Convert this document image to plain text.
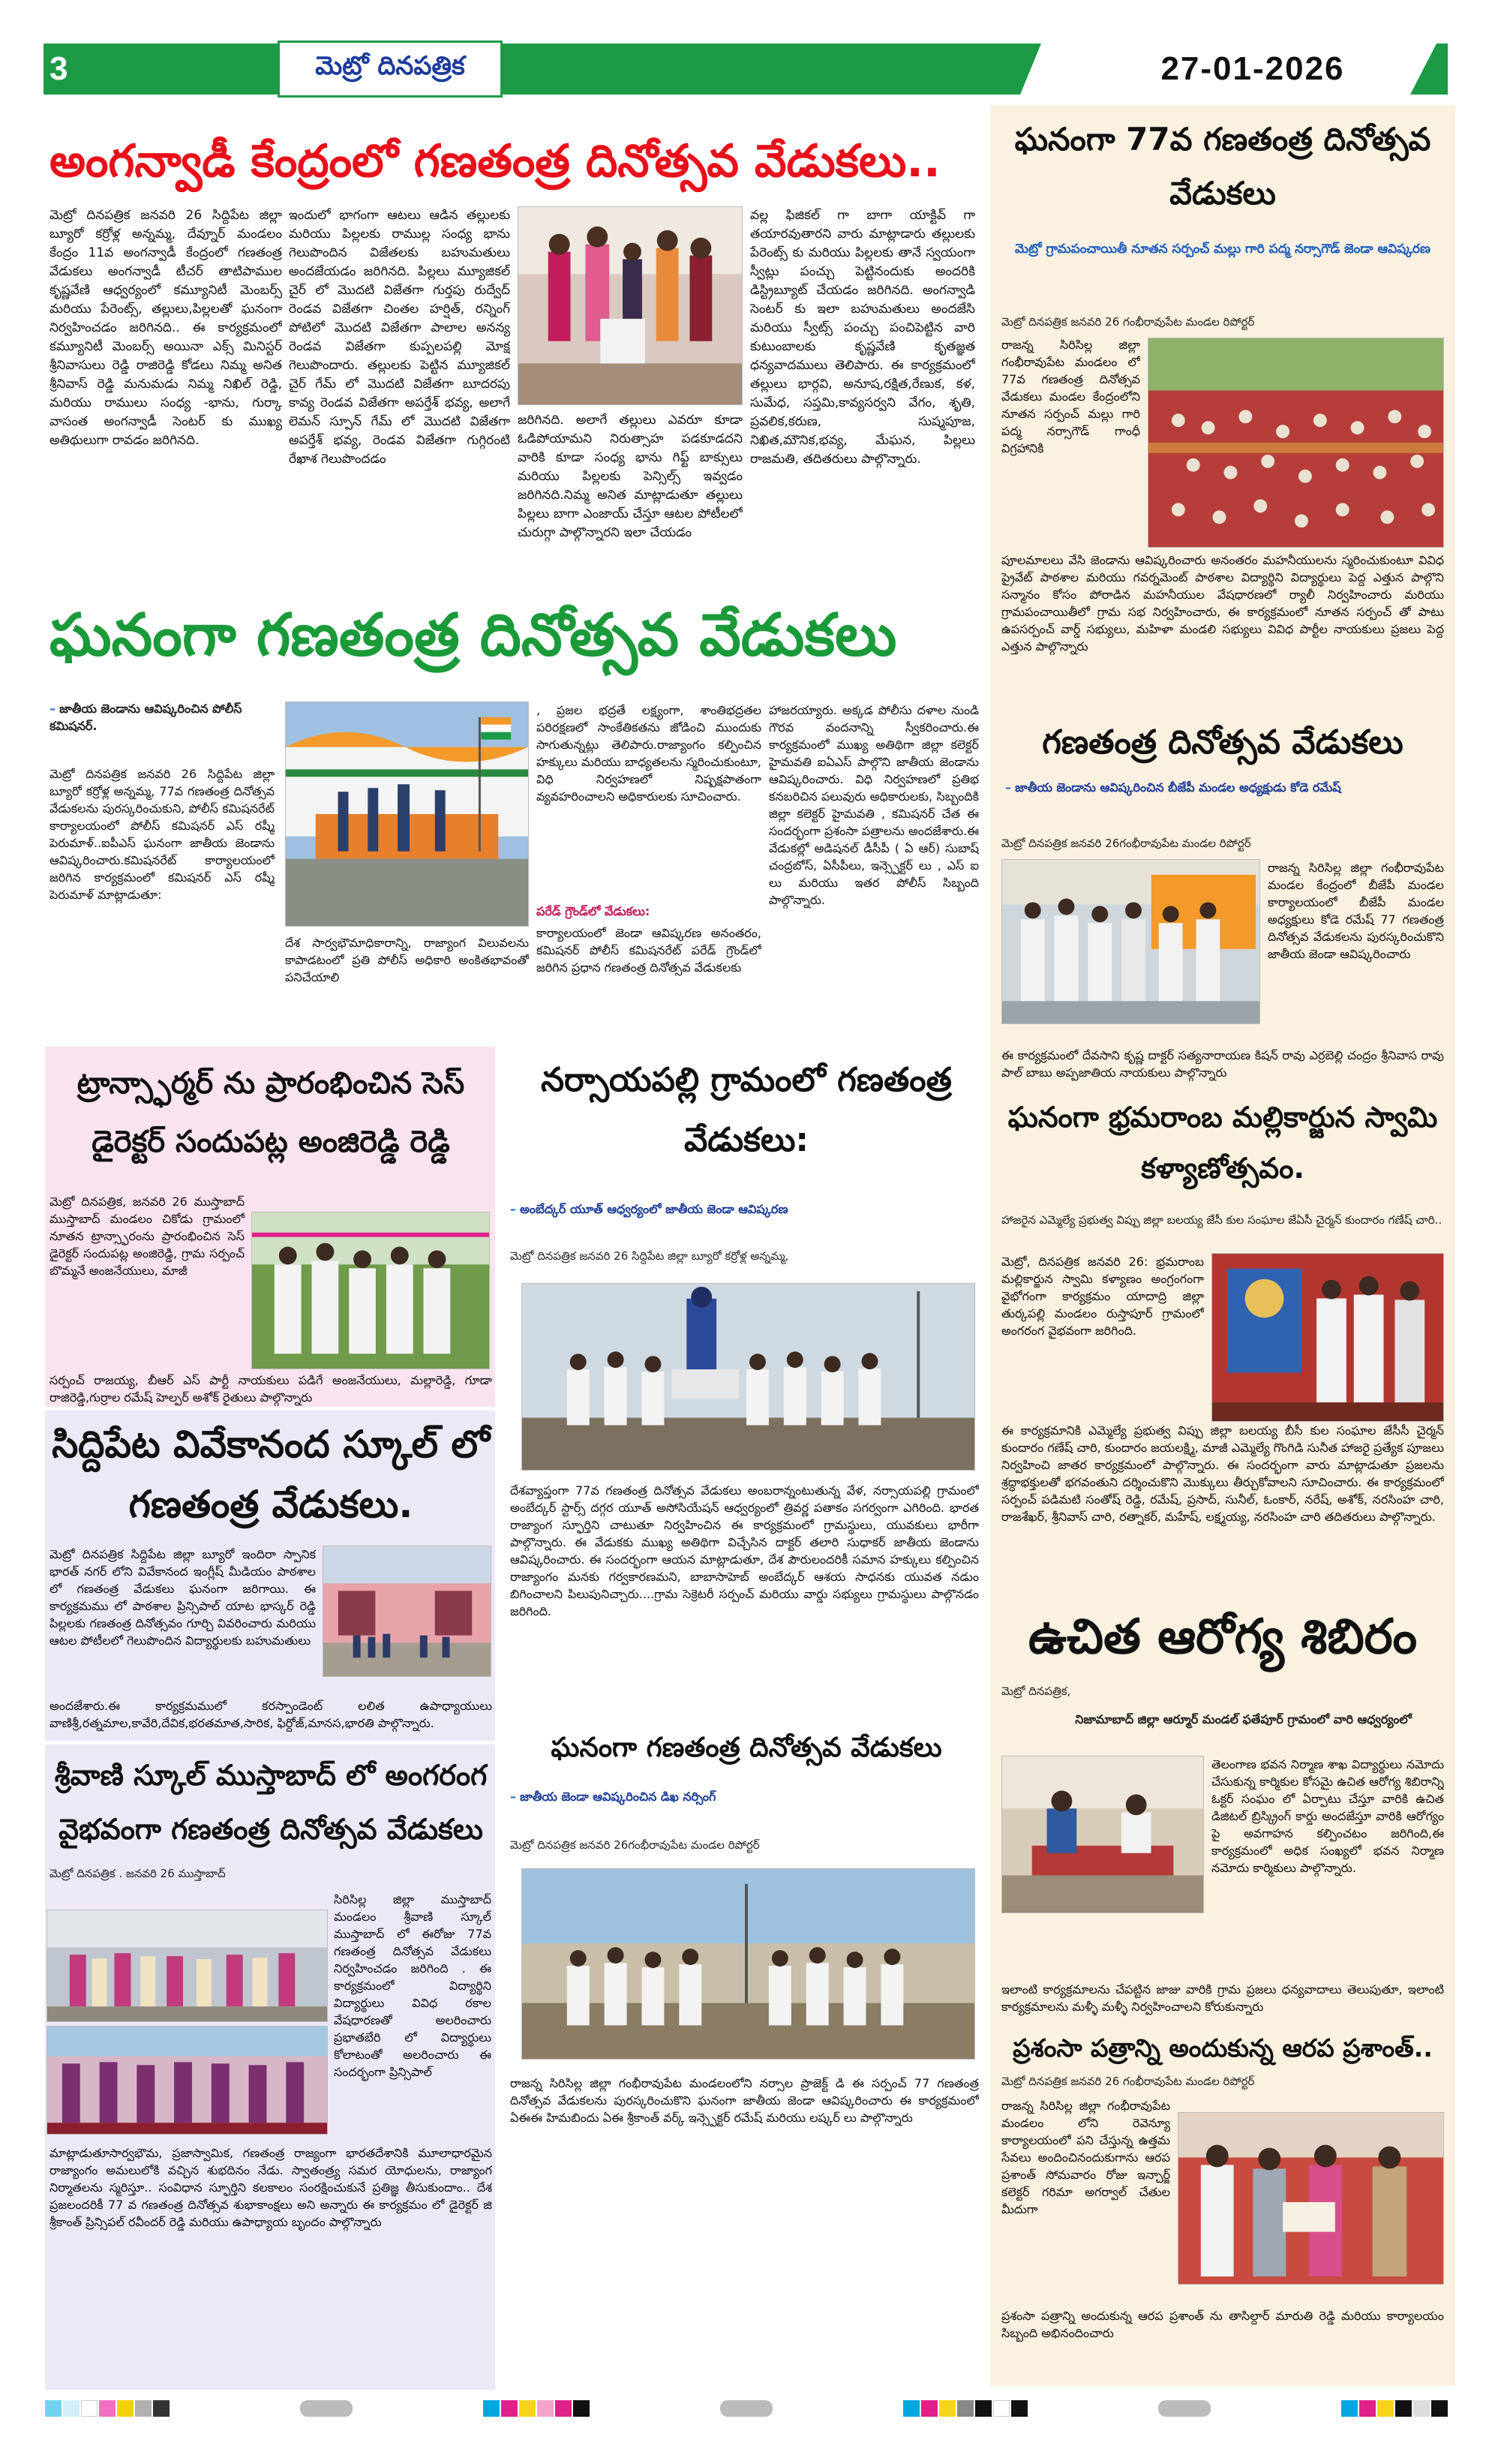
3	మెట్రో దినపత్రిక	27-01-2026
అంగన్వాడీ కేంద్రంలో గణతంత్ర దినోత్సవ వేడుకలు..
మెట్రో దినపత్రిక జనవరి 26 సిద్దిపేట జిల్లా బ్యూరో కర్రోళ్ల అన్నమ్మ, దేవ్నూర్ మండలం కేంద్రం 11వ అంగన్వాడీ కేంద్రంలో గణతంత్ర వేడుకలు అంగన్వాడీ టీచర్ తాటిపాముల కృష్ణవేణి ఆధ్వర్యంలో కమ్యూనిటీ మెంబర్స్ మరియు పేరెంట్స్, తల్లులు,పిల్లలతో ఘనంగా నిర్వహించడం జరిగినది.. ఈ కార్యక్రమంలో కమ్యూనిటీ మెంబర్స్ అయినా ఎక్స్ మినిస్టర్ శ్రీనివాసులు రెడ్డి రాజిరెడ్డి కోడలు నిమ్మ అనిత శ్రీనివాస్ రెడ్డి మనుమడు నిమ్మ నిఖిల్ రెడ్డి, మరియు రాములు సంధ్య -భాను, గుర్కా వాసంత అంగన్వాడీ సెంటర్ కు ముఖ్య అతిథులుగా రావడం జరిగినది.
ఇందులో భాగంగా ఆటలు ఆడిన తల్లులకు మరియు పిల్లలకు రాముల్ల సంధ్య భాను గెలుపొందిన విజేతలకు బహుమతులు అందజేయడం జరిగినది. పిల్లలు మ్యూజికల్ చైర్ లో మొదటి విజేతగా గుర్తపు రుద్వేద్ రెండవ విజేతగా చింతల హర్షిత్, రన్నింగ్ పోటిలో మొదటి విజేతగా పాలాల అనన్య రెండవ విజేతగా కుప్పలపల్లి మోక్ష గెలుపొందారు. తల్లులకు పెట్టిన మ్యూజికల్ చైర్ గేమ్ లో మొదటి విజేతగా బూదరపు కావ్య రెండవ విజేతగా అపర్తేశ్ భవ్య, అలాగే లెమన్ స్పూన్ గేమ్ లో మొదటి విజేతగా అపర్తేశ్ భవ్య, రెండవ విజేతగా గుగ్గిరంటి రేఖాశ గెలుపొందడం
జరిగినది. అలాగే తల్లులు ఎవరూ కూడా ఓడిపోయామని నిరుత్సాహ పడకూడదని వారికి కూడా సంధ్య భాను గిఫ్ట్ బాక్సులు మరియు పిల్లలకు పెన్సిల్స్ ఇవ్వడం జరిగినది.నిమ్మ అనిత మాట్లాడుతూ తల్లులు పిల్లలు బాగా ఎంజాయ్ చేస్తూ ఆటల పోటీలలో చురుగ్గా పాల్గొన్నారని ఇలా చేయడం
వల్ల ఫిజికల్ గా బాగా యాక్టివ్ గా తయారవుతారని వారు మాట్లాడారు తల్లులకు పేరెంట్స్ కు మరియు పిల్లలకు తానే స్వయంగా స్వీట్లు పంచ్చు పెట్టినందుకు అందరికి డిస్ట్రిబ్యూట్ చేయడం జరిగినది. అంగన్వాడి సెంటర్ కు ఇలా బహుమతులు అందజేసి మరియు స్వీట్స్ పంచ్చు పంచిపెట్టిన వారి కుటుంబాలకు కృష్ణవేణి కృతజ్ఞత ధన్యవాదములు తెలిపారు. ఈ కార్యక్రమంలో తల్లులు భార్గవి, అనూష,రక్షిత,రేణుక, కళ, సుమేధ, సప్తమి,కావ్యసర్వని వేగం, శృతి, ప్రవలిక,కరుణ, సుష్మపూజ, నిఖిత,మౌనిక,భవ్య, మేఘన, పిల్లలు రాజమతి, తదితరులు పాల్గొన్నారు.
ఘనంగా గణతంత్ర దినోత్సవ వేడుకలు
– జాతీయ జెండాను ఆవిష్కరించిన పోలీస్ కమిషనర్.
మెట్రో దినపత్రిక జనవరి 26 సిద్దిపేట జిల్లా బ్యూరో కర్రోళ్ల అన్నమ్మ, 77వ గణతంత్ర దినోత్సవ వేడుకలను పురస్కరించుకుని, పోలీస్ కమిషనరేట్ కార్యాలయంలో పోలీస్ కమిషనర్ ఎస్ రష్మీ పెరుమాళ్..ఐపీఎస్ ఘనంగా జాతీయ జెండాను ఆవిష్కరించారు.కమిషనరేట్ కార్యాలయంలో జరిగిన కార్యక్రమంలో కమిషనర్ ఎస్ రష్మీ పెరుమాళ్ మాట్లాడుతూ:
దేశ సార్వభౌమాధికారాన్ని, రాజ్యాంగ విలువలను కాపాడటంలో ప్రతి పోలీస్ అధికారి అంకితభావంతో పనిచేయాలి
, ప్రజల భద్రతే లక్ష్యంగా, శాంతిభద్రతల పరిరక్షణలో సాంకేతికతను జోడించి ముందుకు సాగుతున్నట్లు తెలిపారు.రాజ్యాంగం కల్పించిన హక్కులు మరియు బాధ్యతలను స్మరించుకుంటూ, విధి నిర్వహణలో నిష్పక్షపాతంగా వ్యవహరించాలని అధికారులకు సూచించారు.
పరేడ్ గ్రౌండ్‌లో వేడుకలు:
కార్యాలయంలో జెండా ఆవిష్కరణ అనంతరం, కమిషనర్ పోలీస్ కమిషనరేట్ పరేడ్ గ్రౌండ్‌లో జరిగిన ప్రధాన గణతంత్ర దినోత్సవ వేడుకలకు
హాజరయ్యారు. అక్కడ పోలీసు దళాల నుండి గౌరవ వందనాన్ని స్వీకరించారు.ఈ కార్యక్రమంలో ముఖ్య అతిథిగా జిల్లా కలెక్టర్ హైమవతి ఐఏఎస్ పాల్గొని జాతీయ జెండాను ఆవిష్కరించారు. విధి నిర్వహణలో ప్రతిభ కనబరిచిన పలువురు అధికారులకు, సిబ్బందికి జిల్లా కలెక్టర్ హైమవతి , కమిషనర్ చేత ఈ సందర్భంగా ప్రశంసా పత్రాలను అందజేశారు.ఈ వేడుకల్లో అడిషనల్ డీసీపీ ( ఏ ఆర్) సుబాష్ చంద్రబోస్, ఏసీపీలు, ఇన్స్పెక్టర్ లు , ఎస్ ఐ లు మరియు ఇతర పోలీస్ సిబ్బంది పాల్గొన్నారు.
ఘనంగా 77వ గణతంత్ర దినోత్సవ వేడుకలు
మెట్రో గ్రామపంచాయితీ నూతన సర్పంచ్ మల్లు గారి పద్మ నర్సాగౌడ్ జెండా ఆవిష్కరణ
మెట్రో దినపత్రిక జనవరి 26 గంభీరావుపేట మండల రిపోర్టర్
రాజన్న సిరిసిల్ల జిల్లా గంభీరావుపేట మండలం లో 77వ గణతంత్ర దినోత్సవ వేడుకలు మండల కేంద్రంలోని నూతన సర్పంచ్ మల్లు గారి పద్మ నర్సాగౌడ్ గాంధీ విగ్రహానికి
పూలమాలలు వేసి జెండాను ఆవిష్కరించారు అనంతరం మహనీయులను స్మరించుకుంటూ వివిధ ప్రైవేట్ పాఠశాల మరియు గవర్నమెంట్ పాఠశాల విద్యార్థిని విద్యార్థులు పెద్ద ఎత్తున పాల్గొని సన్మానం కోసం పోరాడిన మహనీయుల వేషధారణలో ర్యాలీ నిర్వహించారు మరియు గ్రామపంచాయితీలో గ్రామ సభ నిర్వహించారు, ఈ కార్యక్రమంలో నూతన సర్పంచ్ తో పాటు ఉపసర్పంచ్ వార్డ్ సభ్యులు, మహిళా మండలి సభ్యులు వివిధ పార్టీల నాయకులు ప్రజలు పెద్ద ఎత్తున పాల్గొన్నారు
గణతంత్ర దినోత్సవ వేడుకలు
– జాతీయ జెండాను ఆవిష్కరించిన బీజేపీ మండల అధ్యక్షుడు కోడె రమేష్
మెట్రో దినపత్రిక జనవరి 26గంభీరావుపేట మండల రిపోర్టర్
రాజన్న సిరిసిల్ల జిల్లా గంభీరావుపేట మండల కేంద్రంలో బీజేపీ మండల కార్యాలయంలో బీజేపీ మండల అధ్యక్షులు కోడె రమేష్ 77 గణతంత్ర దినోత్సవ వేడుకలను పురస్కరించుకొని జాతీయ జెండా ఆవిష్కరించారు
ఈ కార్యక్రమంలో దేవసాని కృష్ణ దాక్టర్ సత్యనారాయణ కిషన్ రావు ఎర్రబెల్లి చంద్రం శ్రీనివాస రావు పాల్ బాబు అప్పజాతియ నాయకులు పాల్గొన్నారు
ట్రాన్స్ఫార్మర్ ను ప్రారంభించిన సెస్ డైరెక్టర్ సందుపట్ల అంజిరెడ్డి రెడ్డి
మెట్రో దినపత్రిక, జనవరి 26 ముస్తాబాద్ ముస్తాబాద్ మండలం చికోడు గ్రామంలో నూతన ట్రాన్స్ఫారంను ప్రారంభించిన సెస్ డైరెక్టర్ సందుపట్ల అంజిరెడ్డి, గ్రామ సర్పంచ్ బొమ్మనే అంజనేయులు, మాజీ
సర్పంచ్ రాజయ్య, బీఆర్ ఎస్ పార్టీ నాయకులు పడిగే అంజనేయులు, మల్లారెడ్డి, గూడా రాజిరెడ్డి,గుర్రాల రమేష్ హెల్పర్ అశోక్ రైతులు పాల్గొన్నారు
సిద్దిపేట వివేకానంద స్కూల్ లో గణతంత్ర వేడుకలు.
మెట్రో దినపత్రిక సిద్దిపేట జిల్లా బ్యూరో ఇందిరా స్పానిక భారత్ నగర్ లోని వివేకానంద ఇంగ్లీష్ మీడియం పాఠశాల లో గణతంత్ర వేడుకలు ఘనంగా జరిగాయి. ఈ కార్యక్రమము లో పాఠశాల ప్రిన్సిపాల్ యాట భాస్కర్ రెడ్డి పిల్లలకు గణతంత్ర దినోత్సవం గూర్చి వివరించారు మరియు ఆటల పోటీలలో గెలుపొందిన విద్యార్థులకు బహుమతులు
అందజేశారు.ఈ కార్యక్రమములో కరస్పాండెంట్ లలిత ఉపాధ్యాయులు వాణిశ్రీ,రత్నమాల,కావేరి,దేవిక,భరతమాత,సారిక, ఫిర్దోజ్,మానస,భారతి పాల్గొన్నారు.
శ్రీవాణి స్కూల్ ముస్తాబాద్ లో అంగరంగ వైభవంగా గణతంత్ర దినోత్సవ వేడుకలు
మెట్రో దినపత్రిక . జనవరి 26 ముస్తాబాద్
సిరిసిల్ల జిల్లా ముస్తాబాద్ మండలం శ్రీవాణి స్కూల్ ముస్తాబాద్ లో ఈరోజు 77వ గణతంత్ర దినోత్సవ వేడుకలు నిర్వహించడం జరిగింది . ఈ కార్యక్రమంలో విద్యార్థిని విద్యార్థులు వివిధ రకాల వేషధారణతో అలరించారు ప్రభాతబేరి లో విద్యార్థులు కోలాటంతో అలరించారు ఈ సందర్భంగా ప్రిన్సిపాల్
మాట్లాడుతూసార్వభౌమ, ప్రజాస్వామిక, గణతంత్ర రాజ్యంగా భారతదేశానికి మూలాధారమైన రాజ్యాంగం అమలులోకి వచ్చిన శుభదినం నేడు. స్వాతంత్ర్య సమర యోధులను, రాజ్యాంగ నిర్మాతలను స్మరిస్తూ.. సంవిధాన స్ఫూర్తిని కలకాలం సంరక్షించుకునే ప్రతిజ్ఞ తీసుకుందాం.. దేశ ప్రజలందరికీ 77 వ గణతంత్ర దినోత్సవ శుభాకాంక్షలు అని అన్నారు ఈ కార్యక్రమం లో డైరెక్టర్ జి శ్రీకాంత్ ప్రిన్సిపల్ రవీందర్ రెడ్డి మరియు ఉపాధ్యాయ బృందం పాల్గొన్నారు
నర్సాయపల్లి గ్రామంలో గణతంత్ర వేడుకలు:
– అంబేద్కర్ యూత్ ఆధ్వర్యంలో జాతీయ జెండా ఆవిష్కరణ
మెట్రో దినపత్రిక జనవరి 26 సిద్దిపేట జిల్లా బ్యూరో కర్రోళ్ల అన్నమ్మ,
దేశవ్యాప్తంగా 77వ గణతంత్ర దినోత్సవ వేడుకలు అంబరాన్నంటుతున్న వేళ, నర్సాయపల్లి గ్రామంలో అంబేద్కర్ స్టార్స్ దగ్గర యూత్ అసోసియేషన్ ఆధ్వర్యంలో త్రివర్ణ పతాకం సగర్వంగా ఎగిరింది. భారత రాజ్యాంగ స్ఫూర్తిని చాటుతూ నిర్వహించిన ఈ కార్యక్రమంలో గ్రామస్థులు, యువకులు భారీగా పాల్గొన్నారు. ఈ వేడుకకు ముఖ్య అతిథిగా విచ్చేసిన దాక్టర్ తలారి సుధాకర్ జాతీయ జెండాను ఆవిష్కరించారు. ఈ సందర్భంగా ఆయన మాట్లాడుతూ, దేశ పౌరులందరికీ సమాన హక్కులు కల్పించిన రాజ్యాంగం మనకు గర్వకారణమని, బాబాసాహెబ్ అంబేద్కర్ ఆశయ సాధనకు యువత నడుం బిగించాలని పిలుపునిచ్చారు....గ్రామ సెక్రెటరీ సర్పంచ్ మరియు వార్డు సభ్యులు గ్రామస్థులు పాల్గొనడం జరిగింది.
ఘనంగా గణతంత్ర దినోత్సవ వేడుకలు
– జాతీయ జెండా ఆవిష్కరించిన డిఖ నర్సింగ్
మెట్రో దినపత్రిక జనవరి 26గంభీరావుపేట మండల రిపోర్టర్
రాజన్న సిరిసిల్ల జిల్లా గంభీరావుపేట మండలంలోని నర్సాల ప్రాజెక్ట్ డి ఈ సర్పంచ్ 77 గణతంత్ర దినోత్సవ వేడుకలను పురస్కరించుకొని ఘనంగా జాతీయ జెండా ఆవిష్కరించారు ఈ కార్యక్రమంలో ఏఈఈ హిమబిందు ఏఈ శ్రీకాంత్ వర్క్ ఇన్స్పెక్టర్ రమేష్ మరియు లష్కర్ లు పాల్గొన్నారు
ఘనంగా భ్రమరాంబ మల్లికార్జున స్వామి కళ్యాణోత్సవం.
హాజరైన ఎమ్మెల్యే ప్రభుత్వ విప్పు జిల్లా బలయ్య జేసీ కుల సంఘాల జేఏసీ చైర్మన్ కుందారం గణేష్ చారి..
మెట్రో, దినపత్రిక జనవరి 26: భ్రమరాంబ మల్లికార్జున స్వామి కళ్యాణం అంగ్రంగంగా వైభోగంగా కార్యక్రమం యాదాద్రి జిల్లా తుర్కపల్లి మండలం రుస్తాపూర్ గ్రామంలో అంగరంగ వైభవంగా జరిగింది.
ఈ కార్యక్రమానికి ఎమ్మెల్యే ప్రభుత్వ విప్పు జిల్లా బలయ్య బీసీ కుల సంఘాల జేసీసీ చైర్మన్ కుందారం గణేష్ చారి, కుందారం జయలక్ష్మి, మాజీ ఎమ్మెల్యే గొంగిడి సునీత హాజరై ప్రత్యేక పూజలు నిర్వహించి జాతర కార్యక్రమంలో పాల్గొన్నారు. ఈ సందర్భంగా వారు మాట్లాడుతూ ప్రజలను శ్రద్ధాభక్తులతో భగవంతుని దర్శించుకొని మొక్కులు తీర్చుకోవాలని సూచించారు. ఈ కార్యక్రమంలో సర్పంచ్ పడిమటి సంతోష్ రెడ్డి, రమేష్, ప్రసాద్, సునీల్, ఓంకార్, నరేష్, అశోక్, నరసింహ చారి, రాజశేఖర్, శ్రీనివాస్ చారి, రత్నాకర్, మహేష్, లక్ష్మయ్య, నరసింహ చారి తదితరులు పాల్గొన్నారు.
ఉచిత ఆరోగ్య శిబిరం
మెట్రో దినపత్రిక,
నిజామాబాద్ జిల్లా ఆర్మూర్ మండల్ ఫతేపూర్ గ్రామంలో వారి ఆధ్వర్యంలో
తెలంగాణ భవన నిర్మాణ శాఖ విద్యార్థులు నమోదు చేసుకున్న కార్మికుల కోసమై ఉచిత ఆరోగ్య శిబిరాన్ని ఓక్టర్ సంఘం లో ఏర్పాటు చేస్తూ వారికి ఉచిత డిజిటల్ బ్రిస్క్రింగ్ కార్డు అందజేస్తూ వారికి ఆరోగ్యం పై అవగాహన కల్పించటం జరిగింది,ఈ కార్యక్రమంలో అధిక సంఖ్యలో భవన నిర్మాణ నమోదు కార్మికులు పాల్గొన్నారు.
ఇలాంటి కార్యక్రమాలను చేపట్టిన జాజు వారికి గ్రామ ప్రజలు ధన్యవాదాలు తెలుపుతూ, ఇలాంటి కార్యక్రమాలను మళ్ళీ మళ్ళీ నిర్వహించాలని కోరుకున్నారు
ప్రశంసా పత్రాన్ని అందుకున్న ఆరప ప్రశాంత్..
మెట్రో దినపత్రిక జనవరి 26 గంభీరావుపేట మండల రిపోర్టర్
రాజన్న సిరిసిల్ల జిల్లా గంభీరావుపేట మండలం లోని రెవెన్యూ కార్యాలయంలో పని చేస్తున్న ఉత్తమ సేవలు అందించినందుకుగాను ఆరప ప్రశాంత్ సోమవారం రోజు ఇన్చార్జ్ కలెక్టర్ గరిమా అగర్వాల్ చేతుల మీదుగా
ప్రశంసా పత్రాన్ని అందుకున్న ఆరప ప్రశాంత్ ను తాసిల్దార్ మారుతి రెడ్డి మరియు కార్యాలయం సిబ్బంది అభినందించారు
